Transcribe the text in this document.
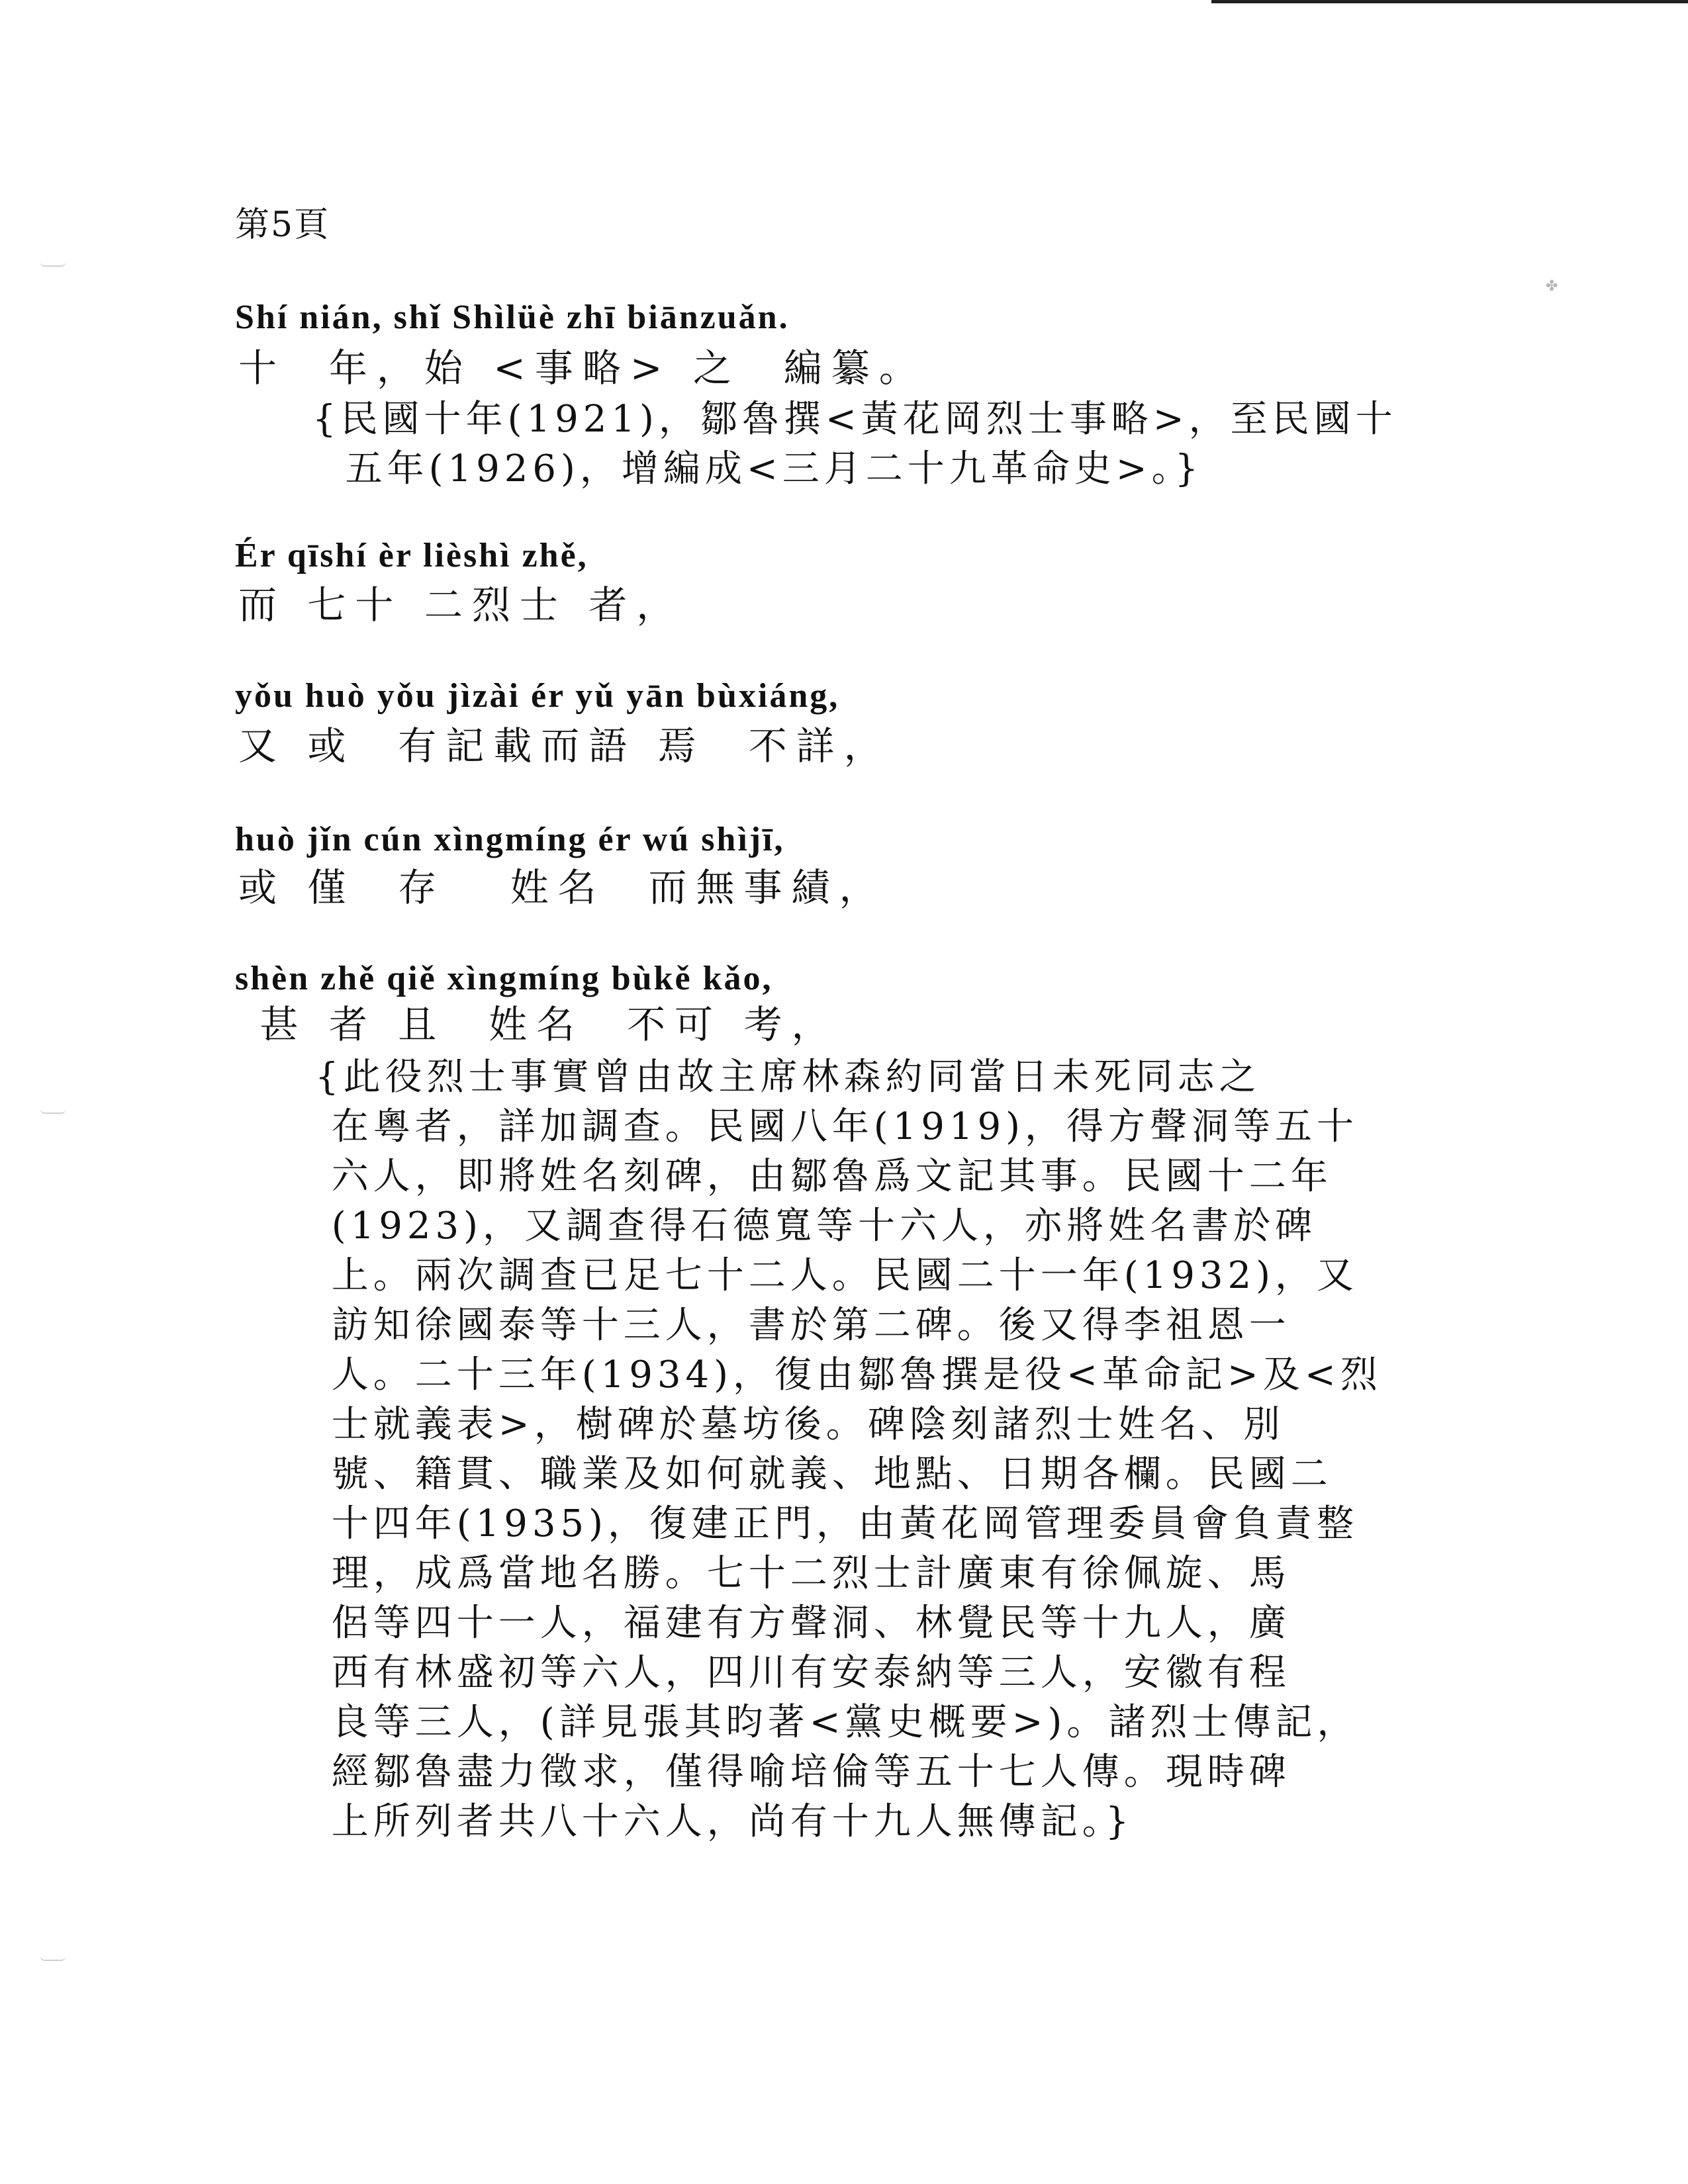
✤
第5頁
Shí nián, shǐ Shìlüè zhī biānzuǎn.
十  年，始 <事略> 之  編纂。
{民國十年(1921)，鄒魯撰<黃花岡烈士事略>，至民國十
五年(1926)，增編成<三月二十九革命史>。}
Ér qīshí èr lièshì zhě,
而 七十 二烈士 者，
yǒu huò yǒu jìzài ér yǔ yān bùxiáng,
又 或  有記載而語 焉  不詳，
huò jǐn cún xìngmíng ér wú shìjī,
或 僅  存   姓名  而無事績，
shèn zhě qiě xìngmíng bùkě kǎo,
甚 者 且  姓名  不可 考，
{此役烈士事實曾由故主席林森約同當日未死同志之
在粵者，詳加調查。民國八年(1919)，得方聲洞等五十
六人，即將姓名刻碑，由鄒魯爲文記其事。民國十二年
(1923)，又調查得石德寬等十六人，亦將姓名書於碑
上。兩次調查已足七十二人。民國二十一年(1932)，又
訪知徐國泰等十三人，書於第二碑。後又得李祖恩一
人。二十三年(1934)，復由鄒魯撰是役<革命記>及<烈
士就義表>，樹碑於墓坊後。碑陰刻諸烈士姓名、別
號、籍貫、職業及如何就義、地點、日期各欄。民國二
十四年(1935)，復建正門，由黃花岡管理委員會負責整
理，成爲當地名勝。七十二烈士計廣東有徐佩旋、馬
侶等四十一人，福建有方聲洞、林覺民等十九人，廣
西有林盛初等六人，四川有安泰納等三人，安徽有程
良等三人，(詳見張其昀著<黨史概要>)。諸烈士傳記，
經鄒魯盡力徵求，僅得喻培倫等五十七人傳。現時碑
上所列者共八十六人，尚有十九人無傳記。}
